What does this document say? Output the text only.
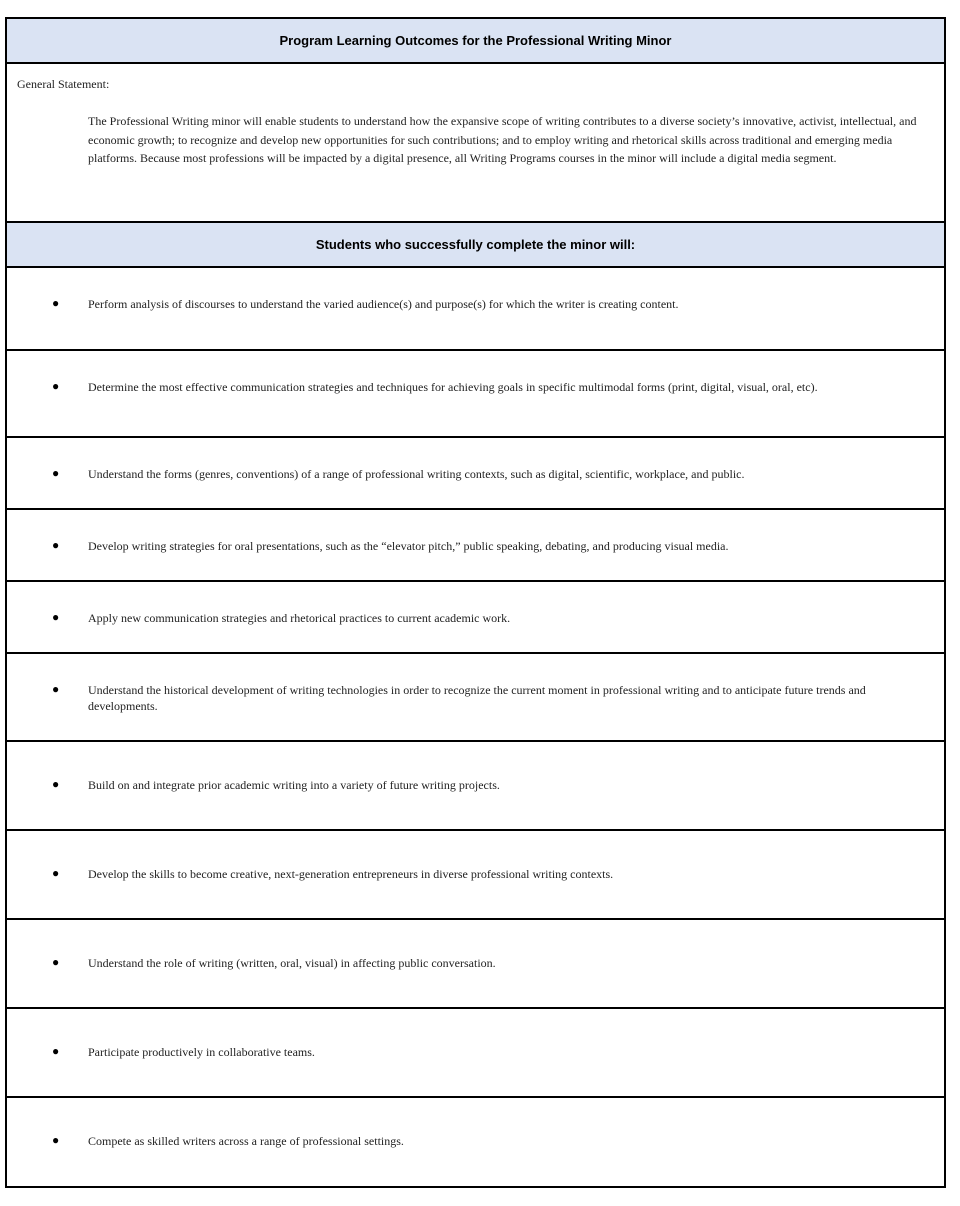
Program Learning Outcomes for the Professional Writing Minor
General Statement:
The Professional Writing minor will enable students to understand how the expansive scope of writing contributes to a diverse society’s innovative, activist, intellectual, and economic growth; to recognize and develop new opportunities for such contributions; and to employ writing and rhetorical skills across traditional and emerging media platforms. Because most professions will be impacted by a digital presence, all Writing Programs courses in the minor will include a digital media segment.
Students who successfully complete the minor will:
● Perform analysis of discourses to understand the varied audience(s) and purpose(s) for which the writer is creating content.
● Determine the most effective communication strategies and techniques for achieving goals in specific multimodal forms (print, digital, visual, oral, etc).
● Understand the forms (genres, conventions) of a range of professional writing contexts, such as digital, scientific, workplace, and public.
● Develop writing strategies for oral presentations, such as the “elevator pitch,” public speaking, debating, and producing visual media.
● Apply new communication strategies and rhetorical practices to current academic work.
● Understand the historical development of writing technologies in order to recognize the current moment in professional writing and to anticipate future trends and developments.
● Build on and integrate prior academic writing into a variety of future writing projects.
● Develop the skills to become creative, next-generation entrepreneurs in diverse professional writing contexts.
● Understand the role of writing (written, oral, visual) in affecting public conversation.
● Participate productively in collaborative teams.
● Compete as skilled writers across a range of professional settings.
